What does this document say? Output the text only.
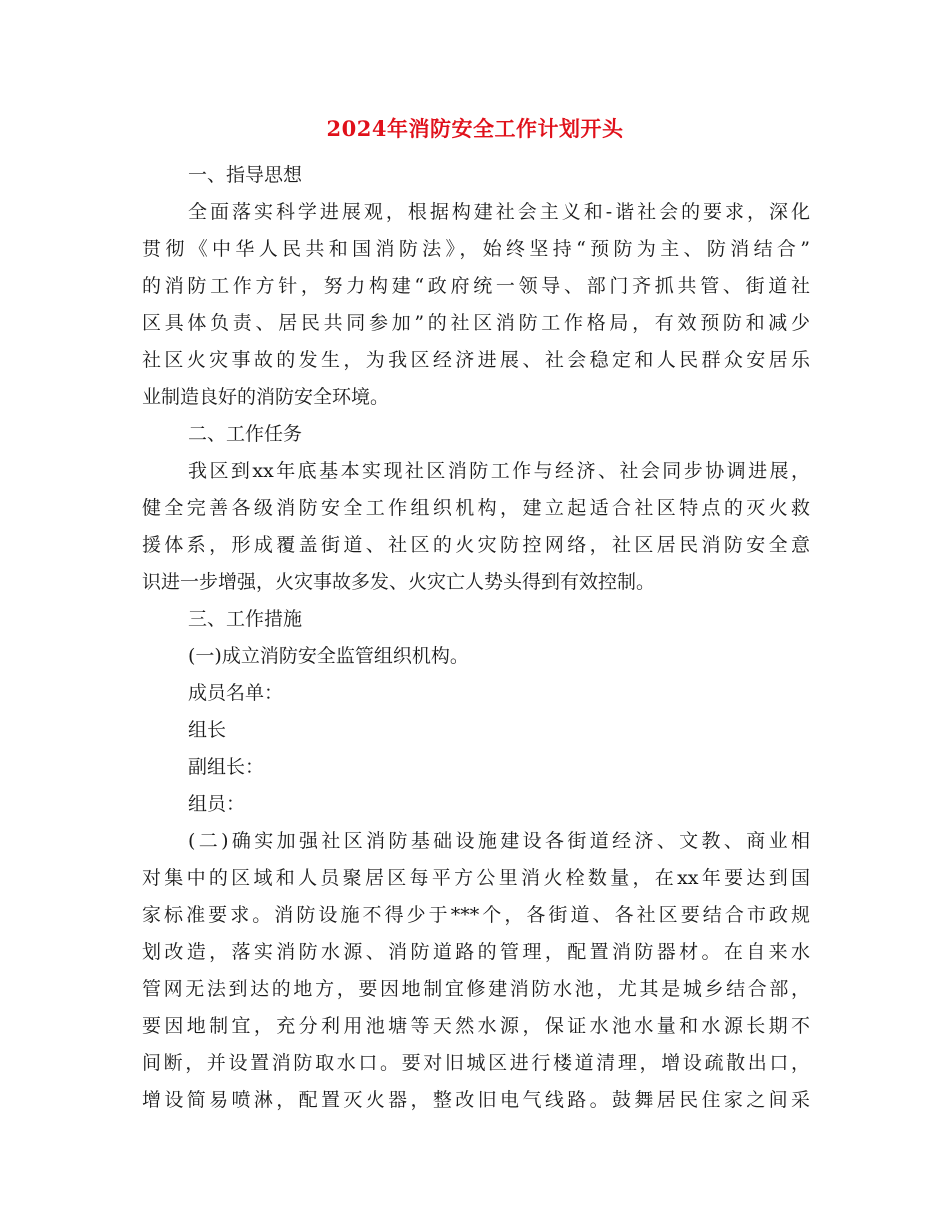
2024年消防安全工作计划开头
一、指导思想
全面落实科学进展观，根据构建社会主义和-谐社会的要求，深化
贯彻《中华人民共和国消防法》，始终坚持“预防为主、防消结合”
的消防工作方针，努力构建“政府统一领导、部门齐抓共管、街道社
区具体负责、居民共同参加”的社区消防工作格局，有效预防和减少
社区火灾事故的发生，为我区经济进展、社会稳定和人民群众安居乐
业制造良好的消防安全环境。
二、工作任务
我区到xx年底基本实现社区消防工作与经济、社会同步协调进展，
健全完善各级消防安全工作组织机构，建立起适合社区特点的灭火救
援体系，形成覆盖街道、社区的火灾防控网络，社区居民消防安全意
识进一步增强，火灾事故多发、火灾亡人势头得到有效控制。
三、工作措施
(一)成立消防安全监管组织机构。
成员名单：
组长
副组长：
组员：
(二)确实加强社区消防基础设施建设各街道经济、文教、商业相
对集中的区域和人员聚居区每平方公里消火栓数量，在xx年要达到国
家标准要求。消防设施不得少于***个，各街道、各社区要结合市政规
划改造，落实消防水源、消防道路的管理，配置消防器材。在自来水
管网无法到达的地方，要因地制宜修建消防水池，尤其是城乡结合部，
要因地制宜，充分利用池塘等天然水源，保证水池水量和水源长期不
间断，并设置消防取水口。要对旧城区进行楼道清理，增设疏散出口，
增设简易喷淋，配置灭火器，整改旧电气线路。鼓舞居民住家之间采
